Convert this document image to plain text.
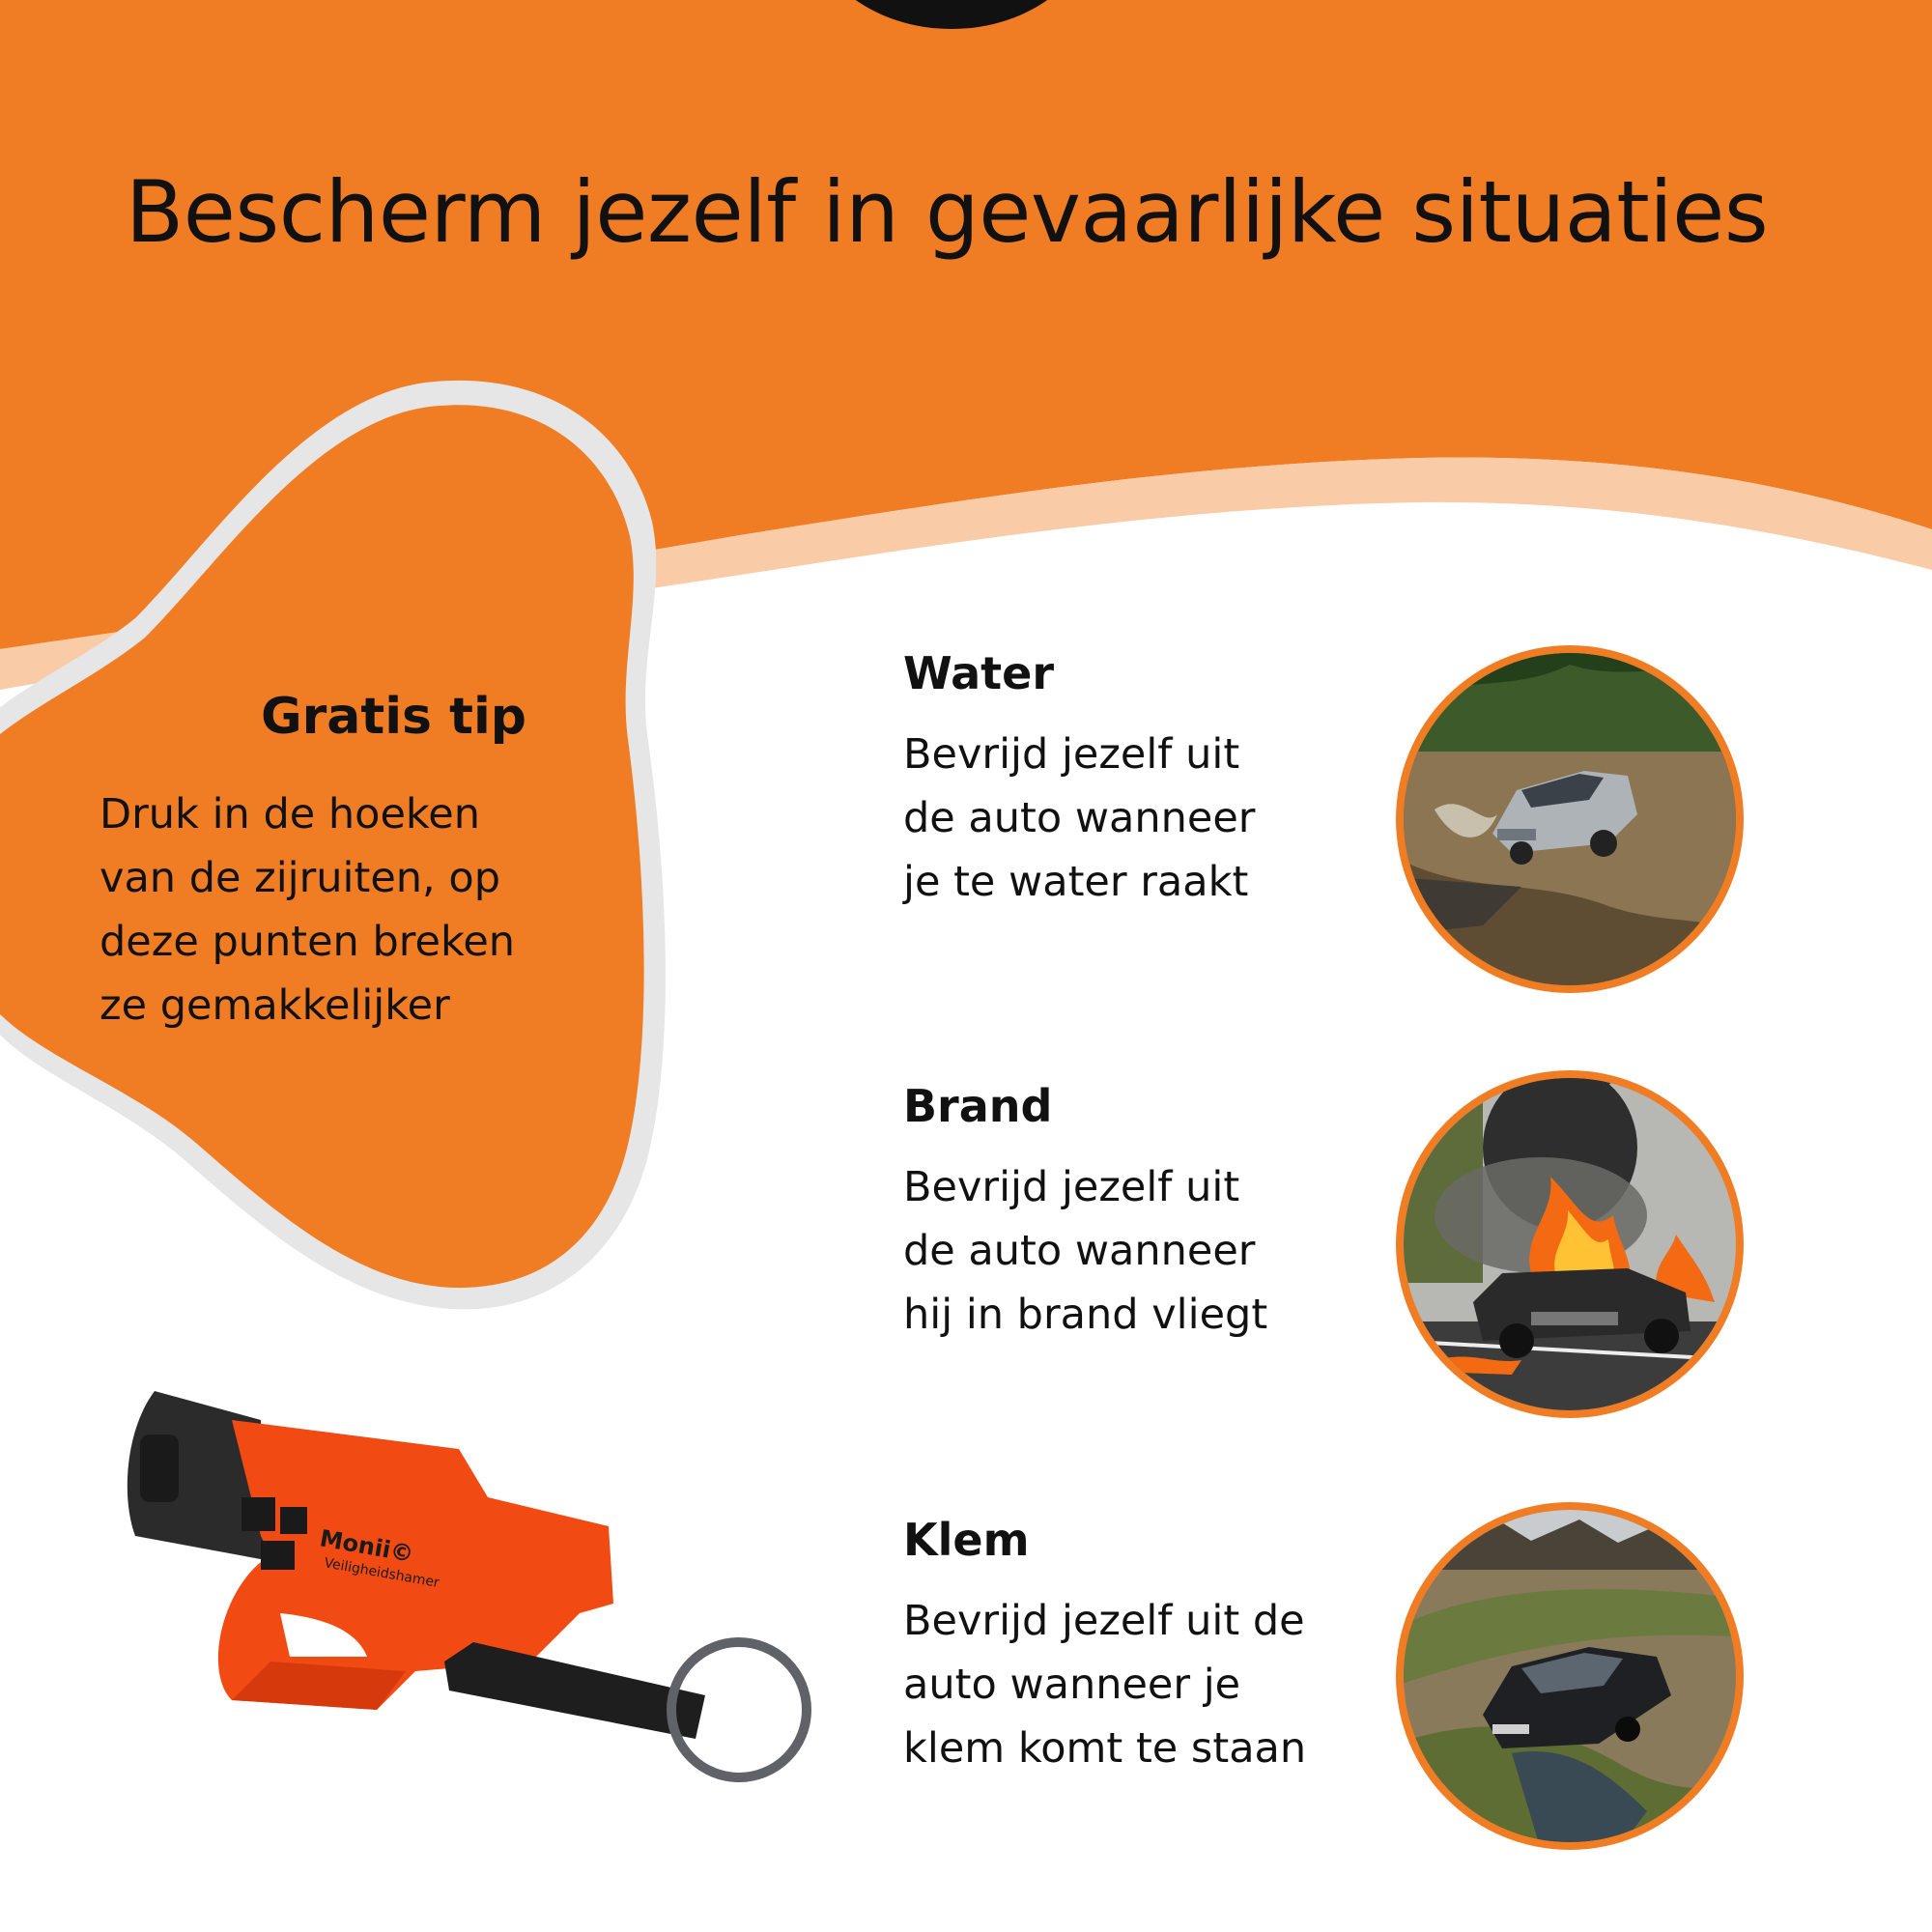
Bescherm jezelf in gevaarlijke situaties
Gratis tip

Druk in de hoeken
van de zijruiten, op
deze punten breken
ze gemakkelijker

Water

Bevrijd jezelf uit
de auto wanneer
je te water raakt

Brand

Bevrijd jezelf uit
de auto wanneer
hij in brand vliegt

Klem

Bevrijd jezelf uit de
auto wanneer je
klem komt te staan

Monii©
Veiligheidshamer
